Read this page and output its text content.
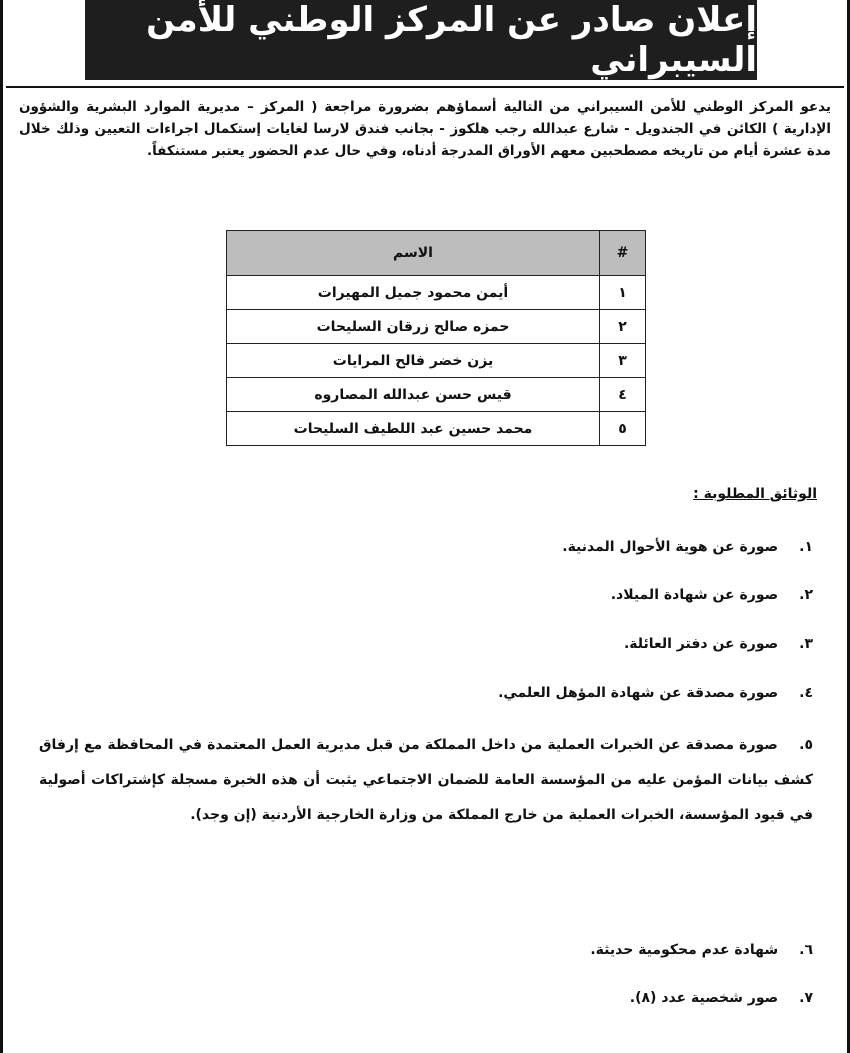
إعلان صادر عن المركز الوطني للأمن السيبراني

يدعو المركز الوطني للأمن السيبراني من التالية أسماؤهم بضرورة مراجعة ( المركز – مديرية الموارد البشرية والشؤون الإدارية ) الكائن في الجندويل - شارع عبدالله رجب هلكوز - بجانب فندق لارسا لغايات إستكمال اجراءات التعيين وذلك خلال مدة عشرة أيام من تاريخه مصطحبين معهم الأوراق المدرجة أدناه، وفي حال عدم الحضور يعتبر مستنكفاً.

#	الاسم
١	أيمن محمود جميل المهيرات
٢	حمزه صالح زرقان السليحات
٣	يزن خضر فالح المرايات
٤	قيس حسن عبدالله المصاروه
٥	محمد حسين عبد اللطيف السليحات
الوثائق المطلوبة :
١. صورة عن هوية الأحوال المدنية.
٢. صورة عن شهادة الميلاد.
٣. صورة عن دفتر العائلة.
٤. صورة مصدقة عن شهادة المؤهل العلمي.
٥. صورة مصدقة عن الخبرات العملية من داخل المملكة من قبل مديرية العمل المعتمدة في المحافظة مع إرفاق كشف بيانات المؤمن عليه من المؤسسة العامة للضمان الاجتماعي يثبت أن هذه الخبرة مسجلة كإشتراكات أصولية في قيود المؤسسة، الخبرات العملية من خارج المملكة من وزارة الخارجية الأردنية (إن وجد).
٦. شهادة عدم محكومية حديثة.
٧. صور شخصية عدد (٨).
